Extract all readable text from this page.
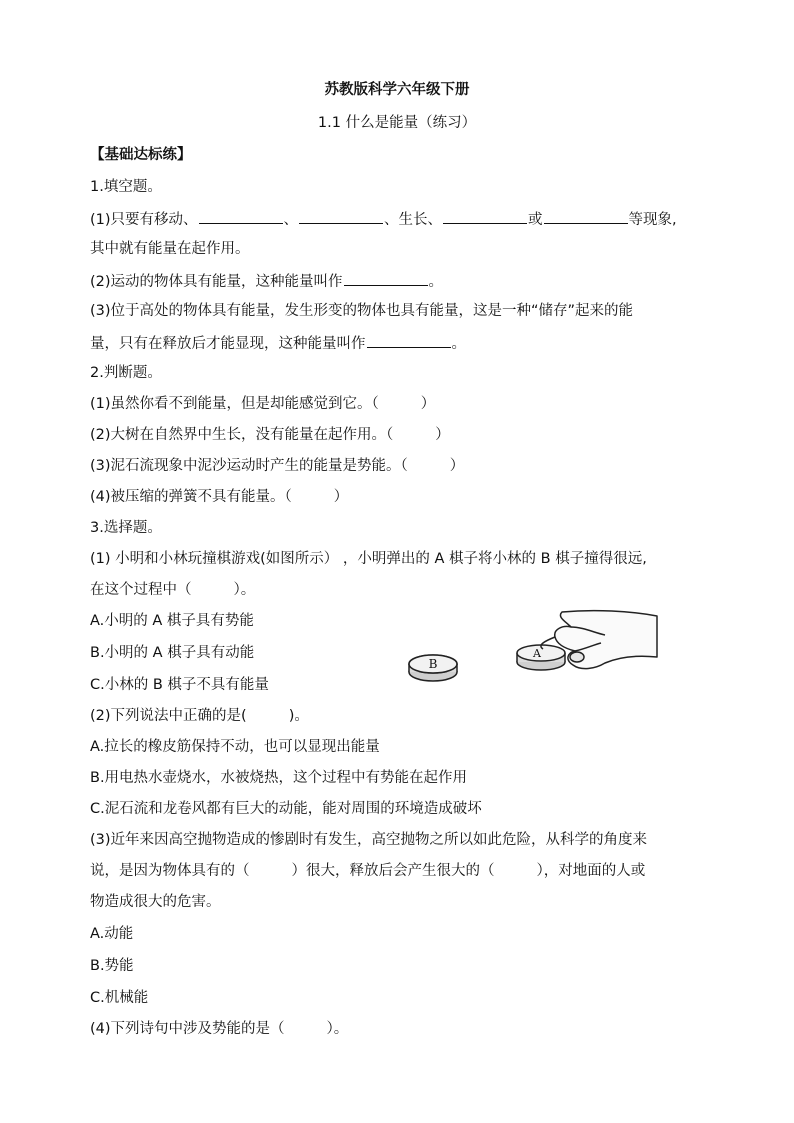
苏教版科学六年级下册
1.1 什么是能量（练习）
【基础达标练】
1.填空题。
(1)只要有移动、	、	、生长、	或	等现象,
其中就有能量在起作用。
(2)运动的物体具有能量，这种能量叫作	。
(3)位于高处的物体具有能量，发生形变的物体也具有能量，这是一种“储存”起来的能
量，只有在释放后才能显现，这种能量叫作	。
2.判断题。
(1)虽然你看不到能量，但是却能感觉到它。（	）
(2)大树在自然界中生长，没有能量在起作用。（	）
(3)泥石流现象中泥沙运动时产生的能量是势能。（	）
(4)被压缩的弹簧不具有能量。（	）
3.选择题。
(1) 小明和小林玩撞棋游戏(如图所示） ，小明弹出的 A 棋子将小林的 B 棋子撞得很远,
在这个过程中（	）。
A.小明的 A 棋子具有势能
B.小明的 A 棋子具有动能
C.小林的 B 棋子不具有能量
B
A
(2)下列说法中正确的是(	)。
A.拉长的橡皮筋保持不动，也可以显现出能量
B.用电热水壶烧水，水被烧热，这个过程中有势能在起作用
C.泥石流和龙卷风都有巨大的动能，能对周围的环境造成破坏
(3)近年来因高空抛物造成的惨剧时有发生，高空抛物之所以如此危险，从科学的角度来
说，是因为物体具有的（	）很大，释放后会产生很大的（	），对地面的人或
物造成很大的危害。
A.动能
B.势能
C.机械能
(4)下列诗句中涉及势能的是（	）。
